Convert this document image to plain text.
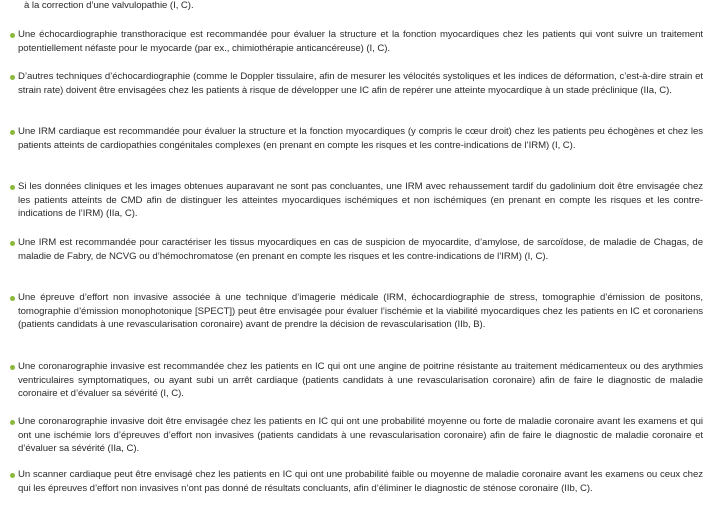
à la correction d’une valvulopathie (I, C).
Une échocardiographie transthoracique est recommandée pour évaluer la structure et la fonction myocardiques chez les patients qui vont suivre un traitement potentiellement néfaste pour le myocarde (par ex., chimiothérapie anticancéreuse) (I, C).
D’autres techniques d’échocardiographie (comme le Doppler tissulaire, afin de mesurer les vélocités systoliques et les indices de déformation, c’est-à-dire strain et strain rate) doivent être envisagées chez les patients à risque de développer une IC afin de repérer une atteinte myocardique à un stade préclinique (IIa, C).
Une IRM cardiaque est recommandée pour évaluer la structure et la fonction myocardiques (y compris le cœur droit) chez les patients peu échogènes et chez les patients atteints de cardiopathies congénitales complexes (en prenant en compte les risques et les contre-indications de l’IRM) (I, C).
Si les données cliniques et les images obtenues auparavant ne sont pas concluantes, une IRM avec rehaussement tardif du gadolinium doit être envisagée chez les patients atteints de CMD afin de distinguer les atteintes myocardiques ischémiques et non ischémiques (en prenant en compte les risques et les contre-indications de l’IRM) (IIa, C).
Une IRM est recommandée pour caractériser les tissus myocardiques en cas de suspicion de myocardite, d’amylose, de sarcoïdose, de maladie de Chagas, de maladie de Fabry, de NCVG ou d’hémochromatose (en prenant en compte les risques et les contre-indications de l’IRM) (I, C).
Une épreuve d’effort non invasive associée à une technique d’imagerie médicale (IRM, échocardiographie de stress, tomographie d’émission de positons, tomographie d’émission monophotonique [SPECT]) peut être envisagée pour évaluer l’ischémie et la viabilité myocardiques chez les patients en IC et coronariens (patients candidats à une revascularisation coronaire) avant de prendre la décision de revascularisation (IIb, B).
Une coronarographie invasive est recommandée chez les patients en IC qui ont une angine de poitrine résistante au traitement médicamenteux ou des arythmies ventriculaires symptomatiques, ou ayant subi un arrêt cardiaque (patients candidats à une revascularisation coronaire) afin de faire le diagnostic de maladie coronaire et d’évaluer sa sévérité (I, C).
Une coronarographie invasive doit être envisagée chez les patients en IC qui ont une probabilité moyenne ou forte de maladie coronaire avant les examens et qui ont une ischémie lors d’épreuves d’effort non invasives (patients candidats à une revascularisation coronaire) afin de faire le diagnostic de maladie coronaire et d’évaluer sa sévérité (IIa, C).
Un scanner cardiaque peut être envisagé chez les patients en IC qui ont une probabilité faible ou moyenne de maladie coronaire avant les examens ou ceux chez qui les épreuves d’effort non invasives n’ont pas donné de résultats concluants, afin d’éliminer le diagnostic de sténose coronaire (IIb, C).
